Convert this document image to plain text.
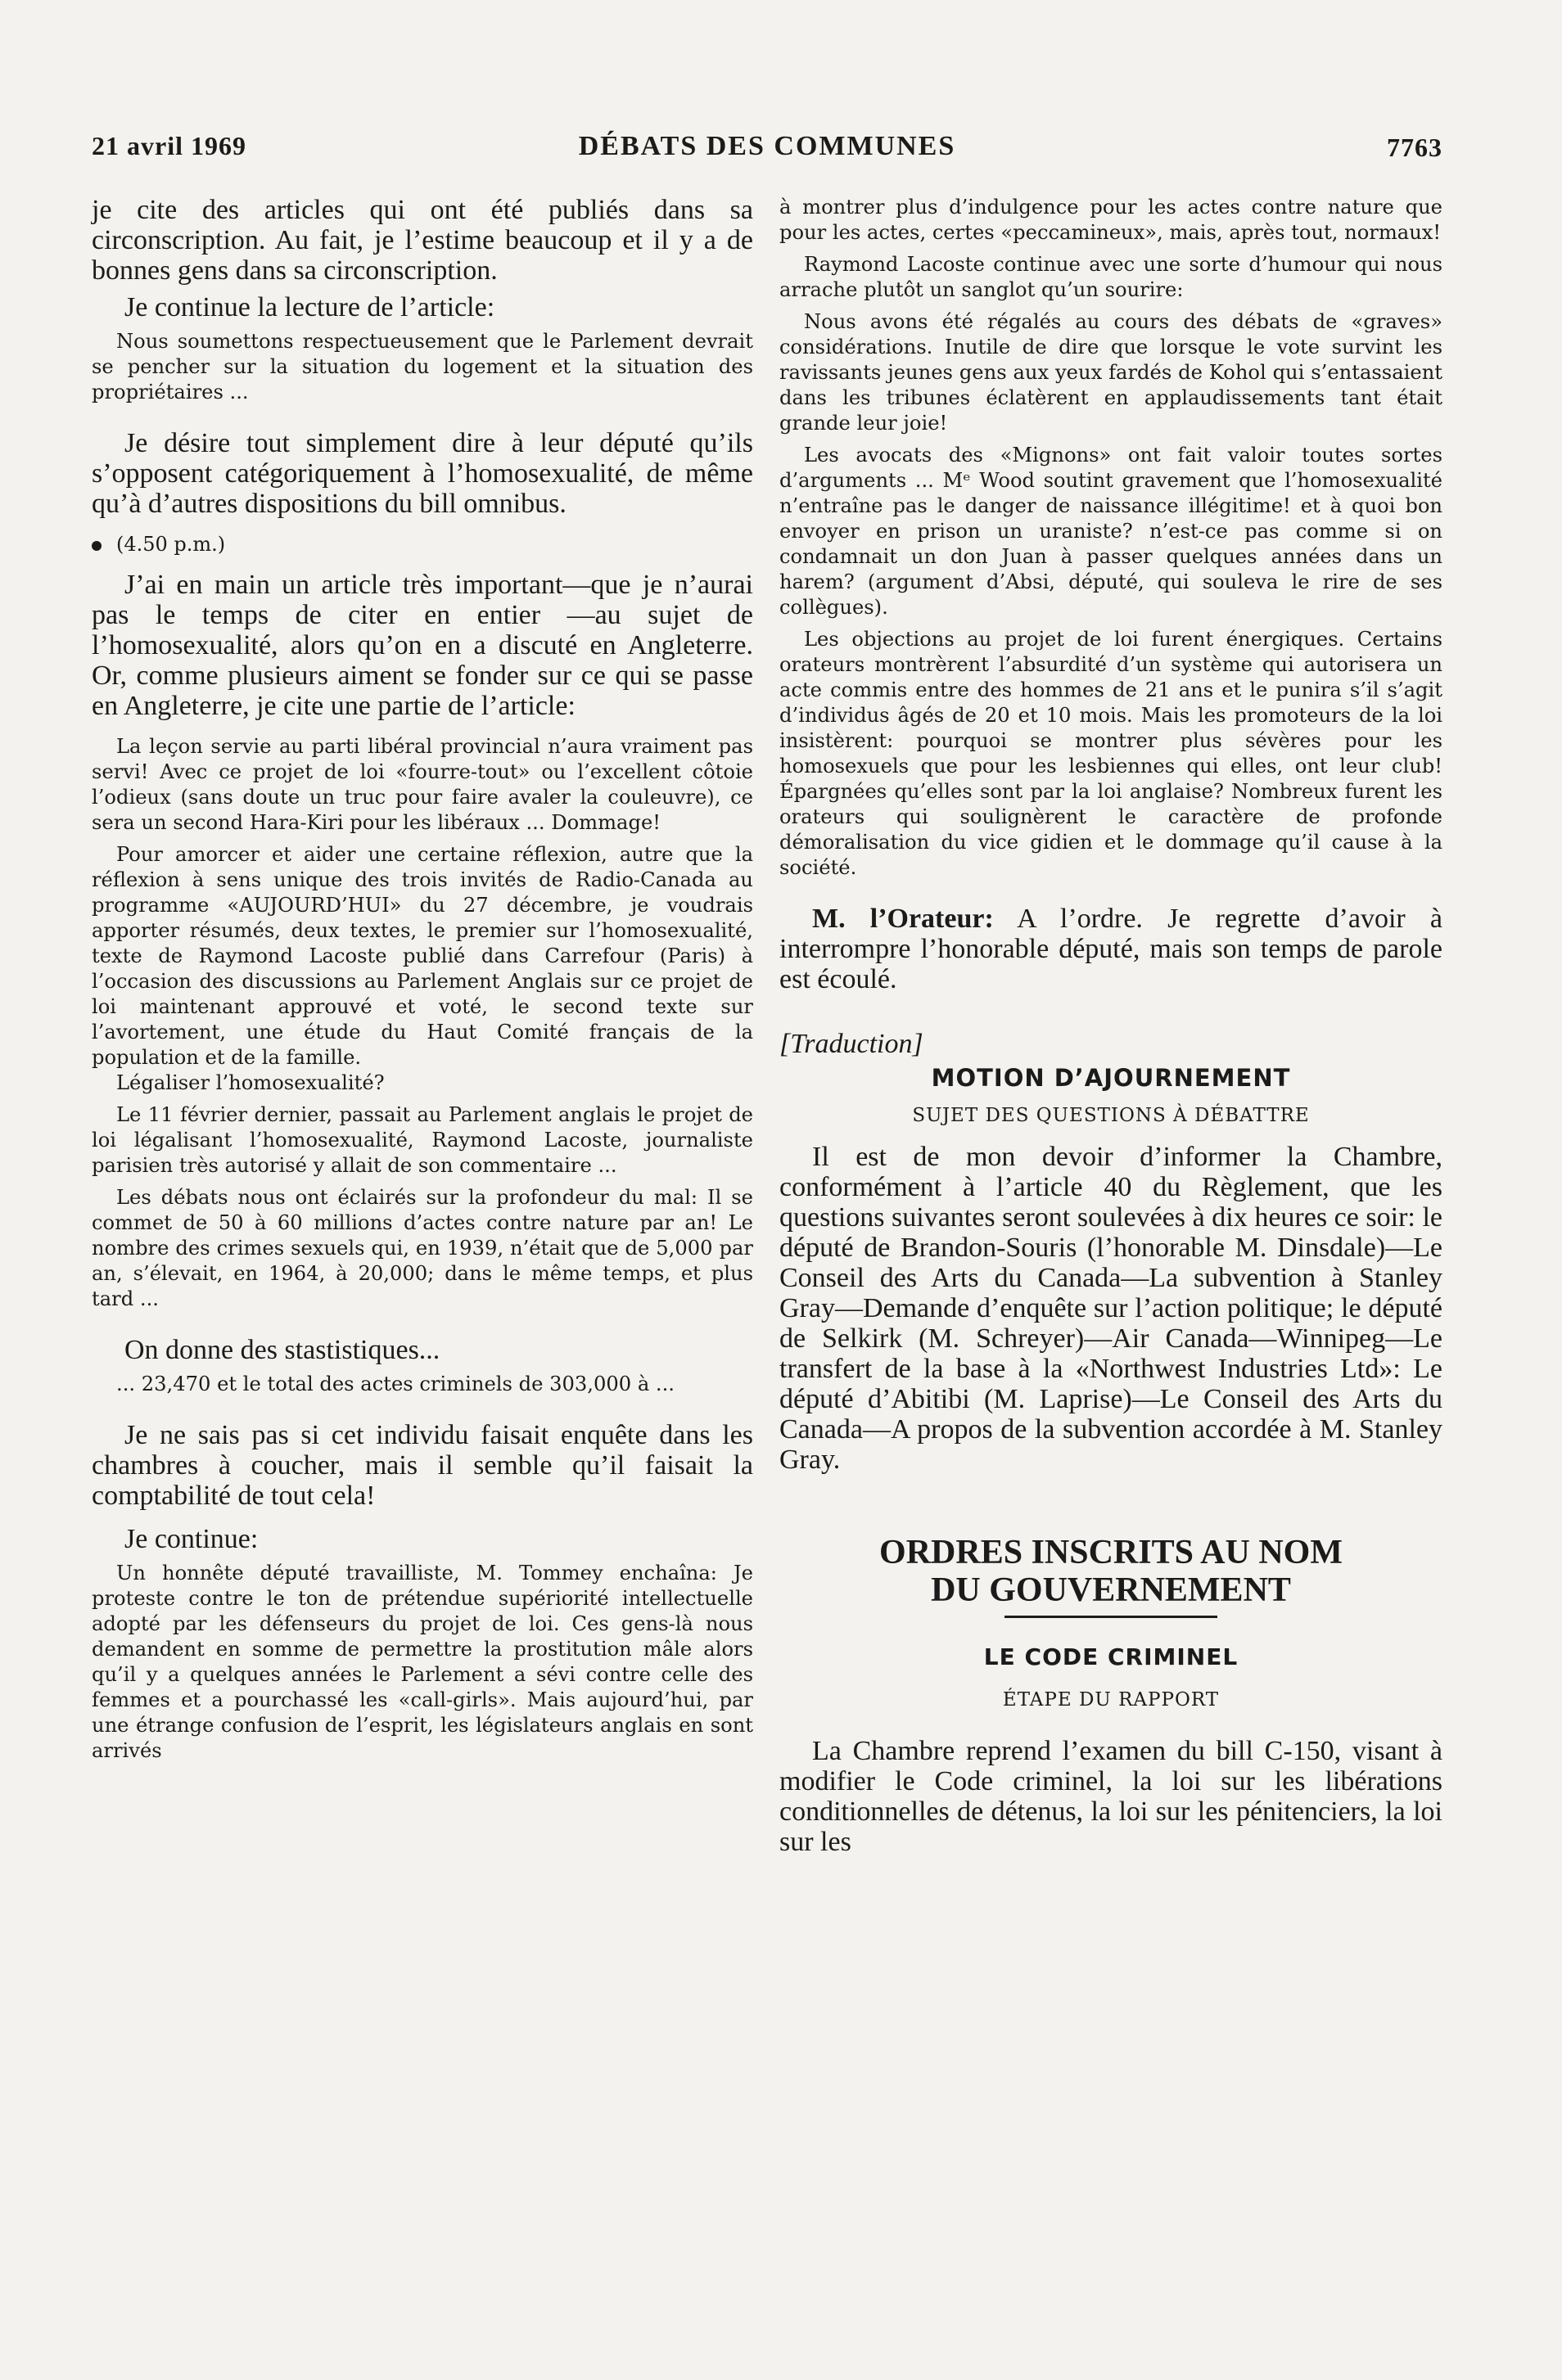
21 avril 1969	DÉBATS DES COMMUNES	7763

je cite des articles qui ont été publiés dans sa circonscription. Au fait, je l’estime beaucoup et il y a de bonnes gens dans sa circonscription.

Je continue la lecture de l’article:

Nous soumettons respectueusement que le Parlement devrait se pencher sur la situation du logement et la situation des propriétaires ...

Je désire tout simplement dire à leur député qu’ils s’opposent catégoriquement à l’homosexualité, de même qu’à d’autres dispositions du bill omnibus.

(4.50 p.m.)

J’ai en main un article très important—que je n’aurai pas le temps de citer en entier —au sujet de l’homosexualité, alors qu’on en a discuté en Angleterre. Or, comme plusieurs aiment se fonder sur ce qui se passe en Angleterre, je cite une partie de l’article:

La leçon servie au parti libéral provincial n’aura vraiment pas servi! Avec ce projet de loi «fourre-tout» ou l’excellent côtoie l’odieux (sans doute un truc pour faire avaler la couleuvre), ce sera un second Hara-Kiri pour les libéraux ... Dommage!

Pour amorcer et aider une certaine réflexion, autre que la réflexion à sens unique des trois invités de Radio-Canada au programme «AUJOURD’HUI» du 27 décembre, je voudrais apporter résumés, deux textes, le premier sur l’homosexualité, texte de Raymond Lacoste publié dans Carrefour (Paris) à l’occasion des discussions au Parlement Anglais sur ce projet de loi maintenant approuvé et voté, le second texte sur l’avortement, une étude du Haut Comité français de la population et de la famille.

Légaliser l’homosexualité?

Le 11 février dernier, passait au Parlement anglais le projet de loi légalisant l’homosexualité, Raymond Lacoste, journaliste parisien très autorisé y allait de son commentaire ...

Les débats nous ont éclairés sur la profondeur du mal: Il se commet de 50 à 60 millions d’actes contre nature par an! Le nombre des crimes sexuels qui, en 1939, n’était que de 5,000 par an, s’élevait, en 1964, à 20,000; dans le même temps, et plus tard ...

On donne des stastistiques...

... 23,470 et le total des actes criminels de 303,000 à ...

Je ne sais pas si cet individu faisait enquête dans les chambres à coucher, mais il semble qu’il faisait la comptabilité de tout cela!

Je continue:

Un honnête député travailliste, M. Tommey enchaîna: Je proteste contre le ton de prétendue supériorité intellectuelle adopté par les défenseurs du projet de loi. Ces gens-là nous demandent en somme de permettre la prostitution mâle alors qu’il y a quelques années le Parlement a sévi contre celle des femmes et a pourchassé les «call-girls». Mais aujourd’hui, par une étrange confusion de l’esprit, les législateurs anglais en sont arrivés

à montrer plus d’indulgence pour les actes contre nature que pour les actes, certes «peccamineux», mais, après tout, normaux!

Raymond Lacoste continue avec une sorte d’humour qui nous arrache plutôt un sanglot qu’un sourire:

Nous avons été régalés au cours des débats de «graves» considérations. Inutile de dire que lorsque le vote survint les ravissants jeunes gens aux yeux fardés de Kohol qui s’entassaient dans les tribunes éclatèrent en applaudissements tant était grande leur joie!

Les avocats des «Mignons» ont fait valoir toutes sortes d’arguments ... Mᵉ Wood soutint gravement que l’homosexualité n’entraîne pas le danger de naissance illégitime! et à quoi bon envoyer en prison un uraniste? n’est-ce pas comme si on condamnait un don Juan à passer quelques années dans un harem? (argument d’Absi, député, qui souleva le rire de ses collègues).

Les objections au projet de loi furent énergiques. Certains orateurs montrèrent l’absurdité d’un système qui autorisera un acte commis entre des hommes de 21 ans et le punira s’il s’agit d’individus âgés de 20 et 10 mois. Mais les promoteurs de la loi insistèrent: pourquoi se montrer plus sévères pour les homosexuels que pour les lesbiennes qui elles, ont leur club! Épargnées qu’elles sont par la loi anglaise? Nombreux furent les orateurs qui soulignèrent le caractère de profonde démoralisation du vice gidien et le dommage qu’il cause à la société.

M. l’Orateur: A l’ordre. Je regrette d’avoir à interrompre l’honorable député, mais son temps de parole est écoulé.

[Traduction]

MOTION D’AJOURNEMENT
SUJET DES QUESTIONS À DÉBATTRE

Il est de mon devoir d’informer la Chambre, conformément à l’article 40 du Règlement, que les questions suivantes seront soulevées à dix heures ce soir: le député de Brandon-Souris (l’honorable M. Dinsdale)—Le Conseil des Arts du Canada—La subvention à Stanley Gray—Demande d’enquête sur l’action politique; le député de Selkirk (M. Schreyer)—Air Canada—Winnipeg—Le transfert de la base à la «Northwest Industries Ltd»: Le député d’Abitibi (M. Laprise)—Le Conseil des Arts du Canada—A propos de la subvention accordée à M. Stanley Gray.

ORDRES INSCRITS AU NOM
DU GOUVERNEMENT
LE CODE CRIMINEL
ÉTAPE DU RAPPORT

La Chambre reprend l’examen du bill C-150, visant à modifier le Code criminel, la loi sur les libérations conditionnelles de détenus, la loi sur les pénitenciers, la loi sur les
